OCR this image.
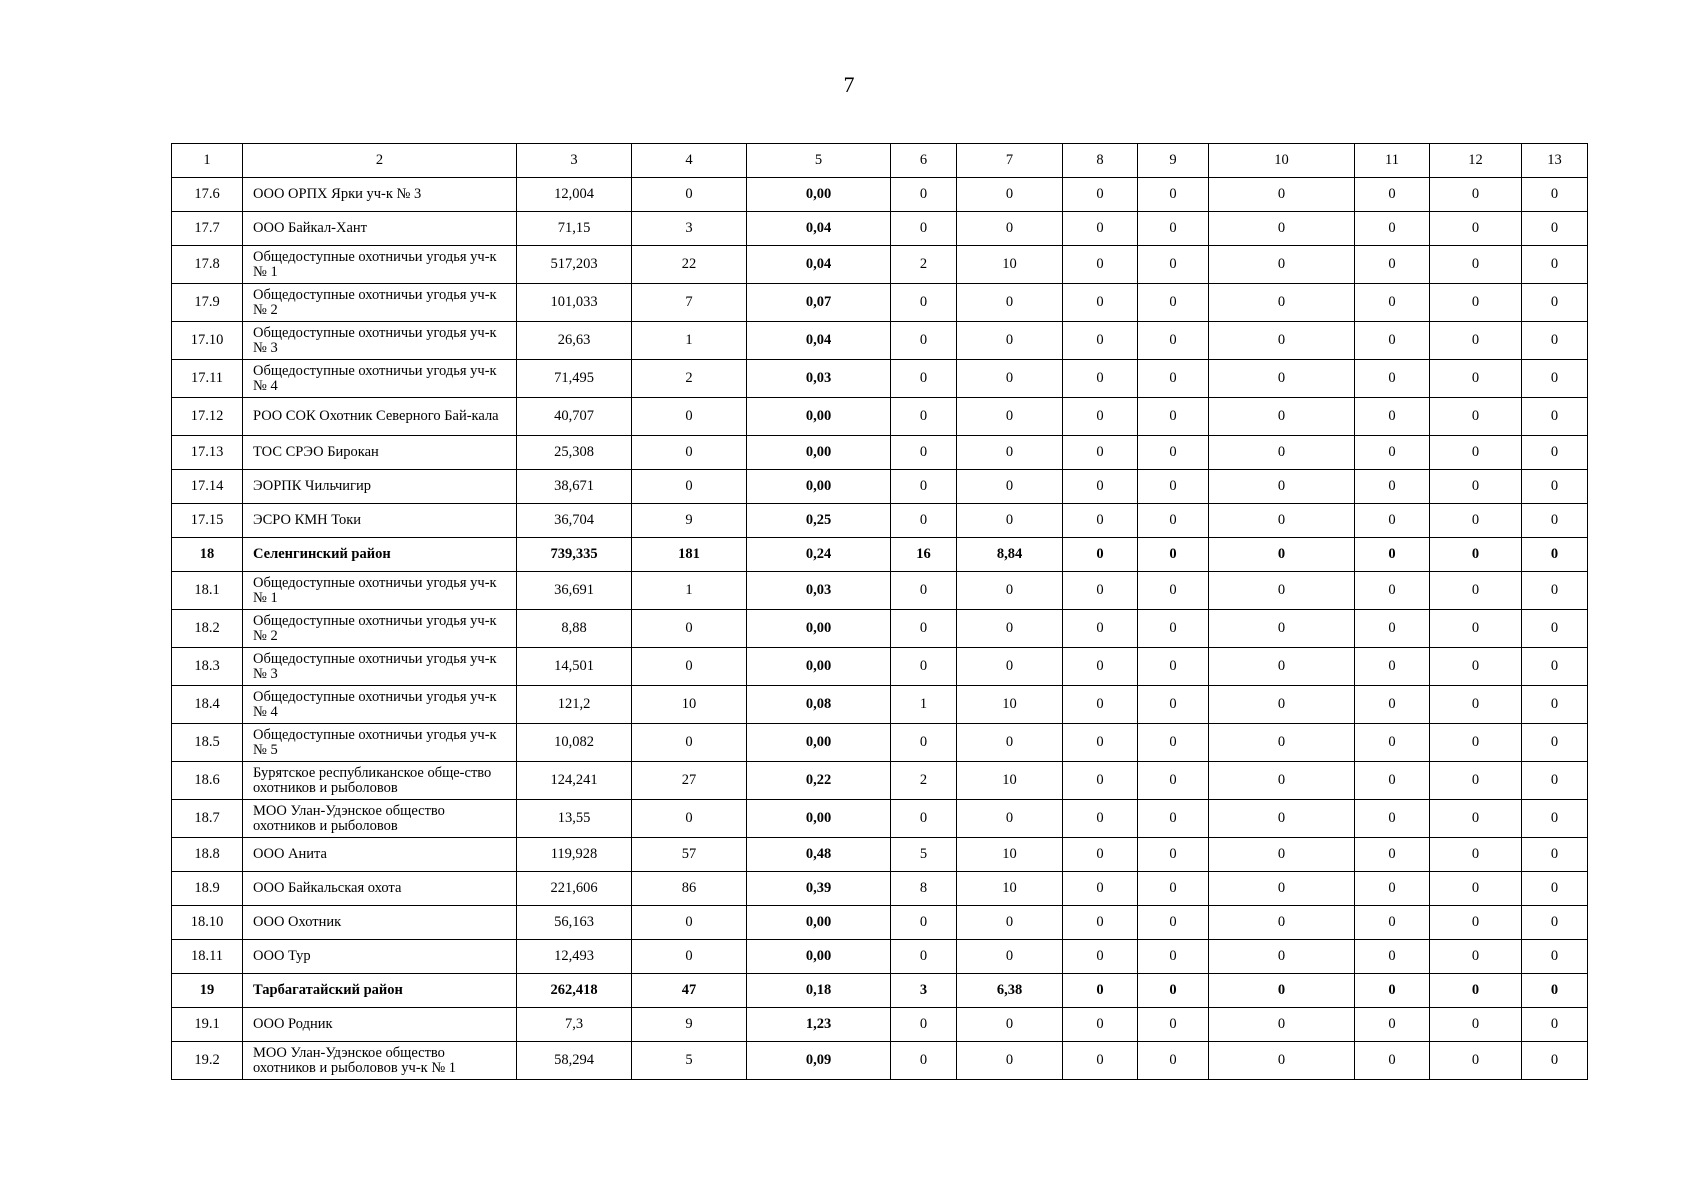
7
1	2	3	4	5	6	7	8	9	10	11	12	13
17.6	ООО ОРПХ Ярки уч-к № 3	12,004	0	0,00	0	0	0	0	0	0	0	0
17.7	ООО Байкал-Хант	71,15	3	0,04	0	0	0	0	0	0	0	0
17.8	Общедоступные охотничьи угодья уч-к № 1	517,203	22	0,04	2	10	0	0	0	0	0	0
17.9	Общедоступные охотничьи угодья уч-к № 2	101,033	7	0,07	0	0	0	0	0	0	0	0
17.10	Общедоступные охотничьи угодья уч-к № 3	26,63	1	0,04	0	0	0	0	0	0	0	0
17.11	Общедоступные охотничьи угодья уч-к № 4	71,495	2	0,03	0	0	0	0	0	0	0	0
17.12	РОО СОК Охотник Северного Бай-кала	40,707	0	0,00	0	0	0	0	0	0	0	0
17.13	ТОС СРЭО Бирокан	25,308	0	0,00	0	0	0	0	0	0	0	0
17.14	ЭОРПК Чильчигир	38,671	0	0,00	0	0	0	0	0	0	0	0
17.15	ЭСРО КМН Токи	36,704	9	0,25	0	0	0	0	0	0	0	0
18	Селенгинский район	739,335	181	0,24	16	8,84	0	0	0	0	0	0
18.1	Общедоступные охотничьи угодья уч-к № 1	36,691	1	0,03	0	0	0	0	0	0	0	0
18.2	Общедоступные охотничьи угодья уч-к № 2	8,88	0	0,00	0	0	0	0	0	0	0	0
18.3	Общедоступные охотничьи угодья уч-к № 3	14,501	0	0,00	0	0	0	0	0	0	0	0
18.4	Общедоступные охотничьи угодья уч-к № 4	121,2	10	0,08	1	10	0	0	0	0	0	0
18.5	Общедоступные охотничьи угодья уч-к № 5	10,082	0	0,00	0	0	0	0	0	0	0	0
18.6	Бурятское республиканское обще-ство охотников и рыболовов	124,241	27	0,22	2	10	0	0	0	0	0	0
18.7	МОО Улан-Удэнское общество охотников и рыболовов	13,55	0	0,00	0	0	0	0	0	0	0	0
18.8	ООО Анита	119,928	57	0,48	5	10	0	0	0	0	0	0
18.9	ООО Байкальская охота	221,606	86	0,39	8	10	0	0	0	0	0	0
18.10	ООО Охотник	56,163	0	0,00	0	0	0	0	0	0	0	0
18.11	ООО Тур	12,493	0	0,00	0	0	0	0	0	0	0	0
19	Тарбагатайский район	262,418	47	0,18	3	6,38	0	0	0	0	0	0
19.1	ООО Родник	7,3	9	1,23	0	0	0	0	0	0	0	0
19.2	МОО Улан-Удэнское общество охотников и рыболовов уч-к № 1	58,294	5	0,09	0	0	0	0	0	0	0	0
